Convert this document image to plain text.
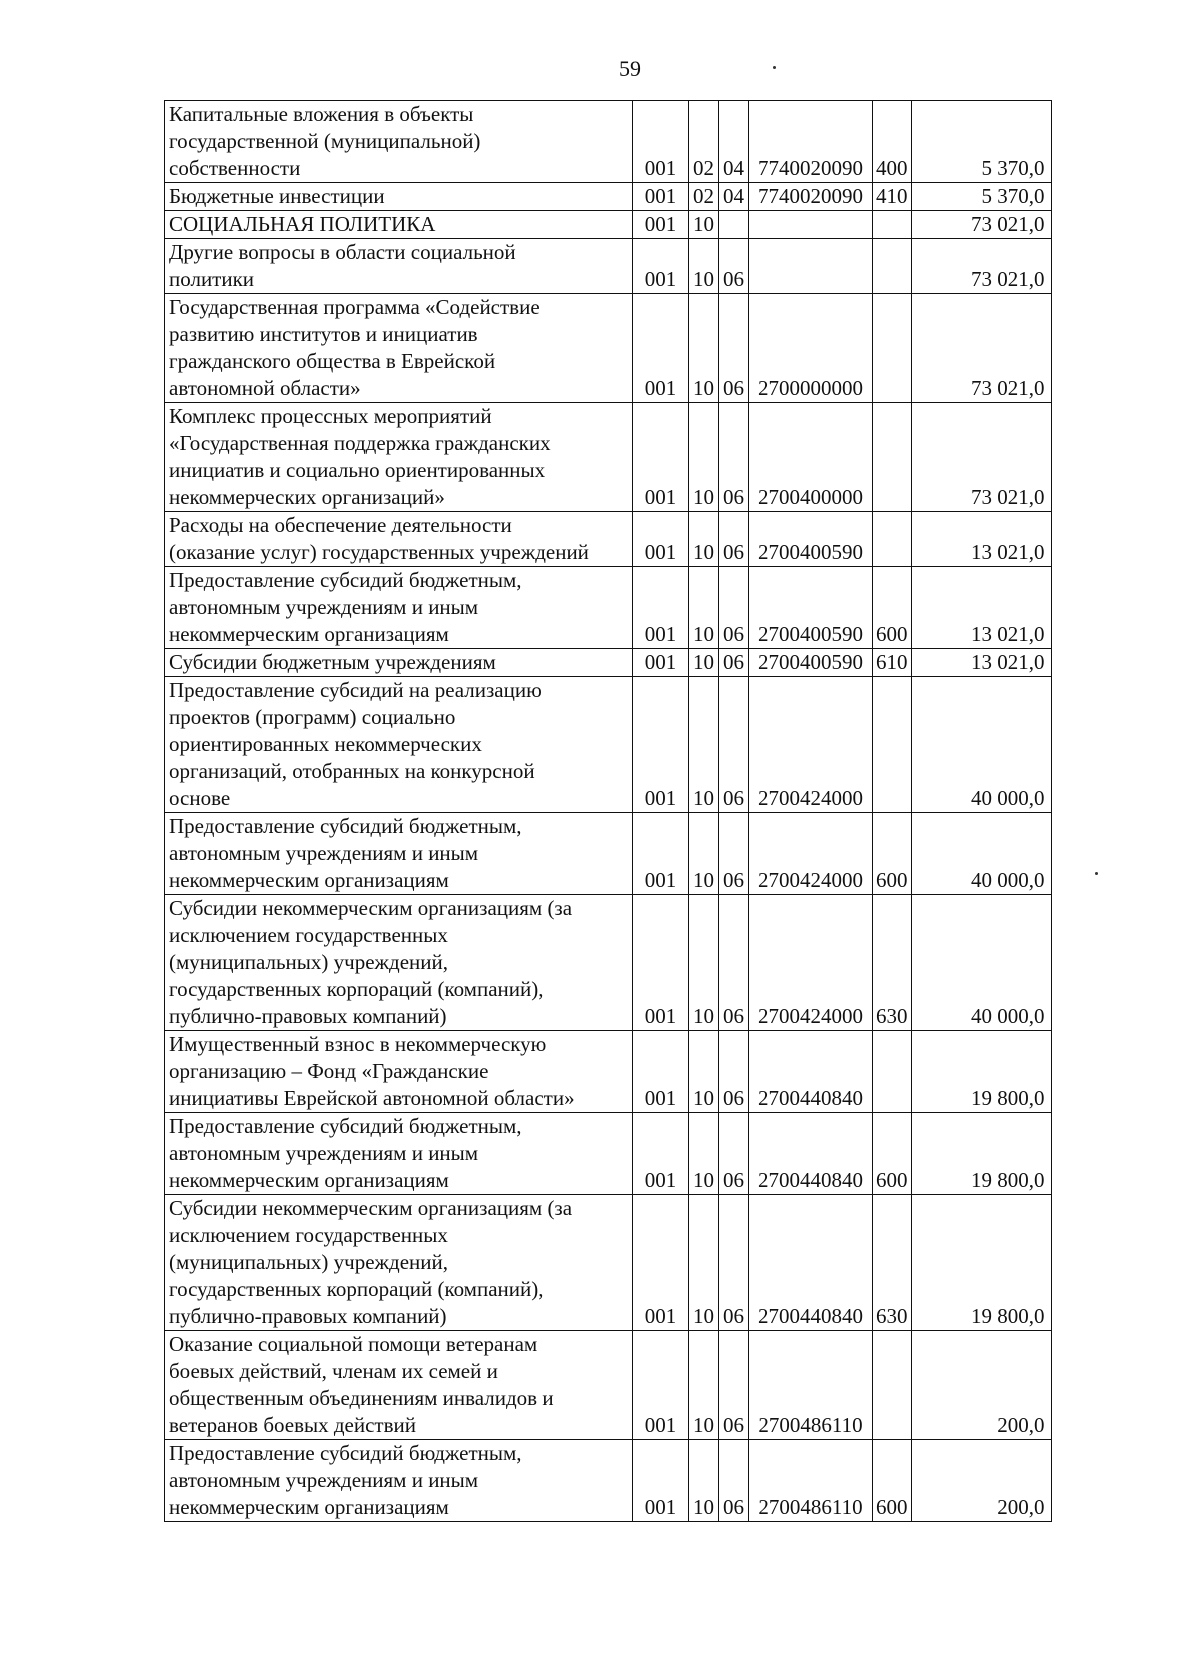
59
Капитальные вложения в объекты
государственной (муниципальной)
собственности	001	02	04	7740020090	400	5 370,0
Бюджетные инвестиции	001	02	04	7740020090	410	5 370,0
СОЦИАЛЬНАЯ ПОЛИТИКА	001	10				73 021,0
Другие вопросы в области социальной
политики	001	10	06			73 021,0
Государственная программа «Содействие
развитию институтов и инициатив
гражданского общества в Еврейской
автономной области»	001	10	06	2700000000		73 021,0
Комплекс процессных мероприятий
«Государственная поддержка гражданских
инициатив и социально ориентированных
некоммерческих организаций»	001	10	06	2700400000		73 021,0
Расходы на обеспечение деятельности
(оказание услуг) государственных учреждений	001	10	06	2700400590		13 021,0
Предоставление субсидий бюджетным,
автономным учреждениям и иным
некоммерческим организациям	001	10	06	2700400590	600	13 021,0
Субсидии бюджетным учреждениям	001	10	06	2700400590	610	13 021,0
Предоставление субсидий на реализацию
проектов (программ) социально
ориентированных некоммерческих
организаций, отобранных на конкурсной
основе	001	10	06	2700424000		40 000,0
Предоставление субсидий бюджетным,
автономным учреждениям и иным
некоммерческим организациям	001	10	06	2700424000	600	40 000,0
Субсидии некоммерческим организациям (за
исключением государственных
(муниципальных) учреждений,
государственных корпораций (компаний),
публично-правовых компаний)	001	10	06	2700424000	630	40 000,0
Имущественный взнос в некоммерческую
организацию – Фонд «Гражданские
инициативы Еврейской автономной области»	001	10	06	2700440840		19 800,0
Предоставление субсидий бюджетным,
автономным учреждениям и иным
некоммерческим организациям	001	10	06	2700440840	600	19 800,0
Субсидии некоммерческим организациям (за
исключением государственных
(муниципальных) учреждений,
государственных корпораций (компаний),
публично-правовых компаний)	001	10	06	2700440840	630	19 800,0
Оказание социальной помощи ветеранам
боевых действий, членам их семей и
общественным объединениям инвалидов и
ветеранов боевых действий	001	10	06	2700486110		200,0
Предоставление субсидий бюджетным,
автономным учреждениям и иным
некоммерческим организациям	001	10	06	2700486110	600	200,0
